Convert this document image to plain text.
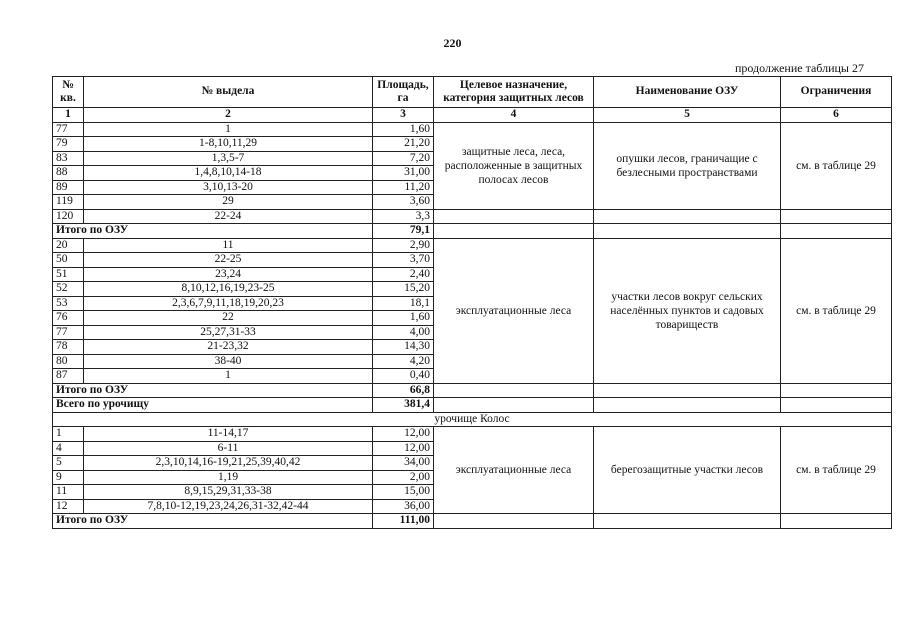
220
продолжение таблицы 27
№ кв.	№ выдела	Площадь, га	Целевое назначение, категория защитных лесов	Наименование ОЗУ	Ограничения
1	2	3	4	5	6
77	1	1,60	защитные леса, леса, расположенные в защитных полосах лесов	опушки лесов, граничащие с безлесными пространствами	см. в таблице 29
79	1-8,10,11,29	21,20			
83	1,3,5-7	7,20			
88	1,4,8,10,14-18	31,00			
89	3,10,13-20	11,20			
119	29	3,60			
120	22-24	3,3			
Итого по ОЗУ		79,1			
20	11	2,90	эксплуатационные леса	участки лесов вокруг сельских населённых пунктов и садовых товариществ	см. в таблице 29
50	22-25	3,70			
51	23,24	2,40			
52	8,10,12,16,19,23-25	15,20			
53	2,3,6,7,9,11,18,19,20,23	18,1			
76	22	1,60			
77	25,27,31-33	4,00			
78	21-23,32	14,30			
80	38-40	4,20			
87	1	0,40			
Итого по ОЗУ		66,8			
Всего по урочищу		381,4			
урочище Колос					
1	11-14,17	12,00	эксплуатационные леса	берегозащитные участки лесов	см. в таблице 29
4	6-11	12,00			
5	2,3,10,14,16-19,21,25,39,40,42	34,00			
9	1,19	2,00			
11	8,9,15,29,31,33-38	15,00			
12	7,8,10-12,19,23,24,26,31-32,42-44	36,00			
Итого по ОЗУ		111,00			
